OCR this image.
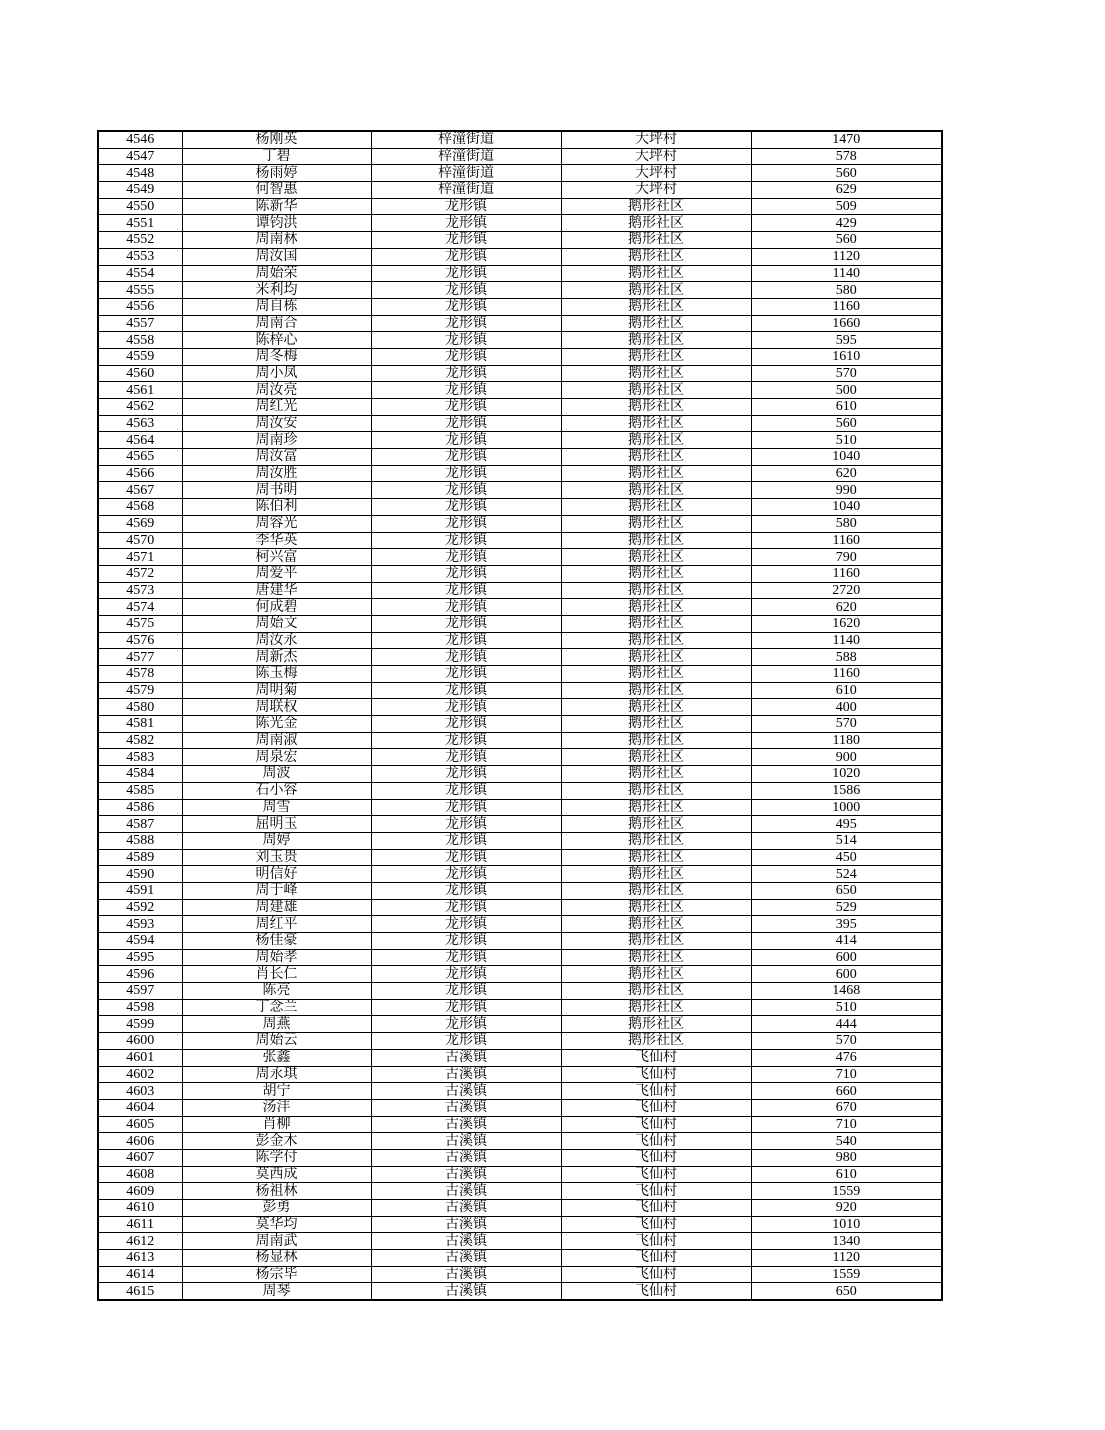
4546	杨刚英	梓潼街道	大坪村	1470
4547	丁碧	梓潼街道	大坪村	578
4548	杨雨婷	梓潼街道	大坪村	560
4549	何智惠	梓潼街道	大坪村	629
4550	陈新华	龙形镇	鹅形社区	509
4551	谭钧洪	龙形镇	鹅形社区	429
4552	周南林	龙形镇	鹅形社区	560
4553	周汝国	龙形镇	鹅形社区	1120
4554	周始荣	龙形镇	鹅形社区	1140
4555	米利均	龙形镇	鹅形社区	580
4556	周自栋	龙形镇	鹅形社区	1160
4557	周南合	龙形镇	鹅形社区	1660
4558	陈梓心	龙形镇	鹅形社区	595
4559	周冬梅	龙形镇	鹅形社区	1610
4560	周小凤	龙形镇	鹅形社区	570
4561	周汝亮	龙形镇	鹅形社区	500
4562	周红光	龙形镇	鹅形社区	610
4563	周汝安	龙形镇	鹅形社区	560
4564	周南珍	龙形镇	鹅形社区	510
4565	周汝富	龙形镇	鹅形社区	1040
4566	周汝胜	龙形镇	鹅形社区	620
4567	周书明	龙形镇	鹅形社区	990
4568	陈伯利	龙形镇	鹅形社区	1040
4569	周容光	龙形镇	鹅形社区	580
4570	李华英	龙形镇	鹅形社区	1160
4571	柯兴富	龙形镇	鹅形社区	790
4572	周爱平	龙形镇	鹅形社区	1160
4573	唐建华	龙形镇	鹅形社区	2720
4574	何成碧	龙形镇	鹅形社区	620
4575	周始文	龙形镇	鹅形社区	1620
4576	周汝永	龙形镇	鹅形社区	1140
4577	周新杰	龙形镇	鹅形社区	588
4578	陈玉梅	龙形镇	鹅形社区	1160
4579	周明菊	龙形镇	鹅形社区	610
4580	周联权	龙形镇	鹅形社区	400
4581	陈光金	龙形镇	鹅形社区	570
4582	周南淑	龙形镇	鹅形社区	1180
4583	周泉宏	龙形镇	鹅形社区	900
4584	周波	龙形镇	鹅形社区	1020
4585	石小容	龙形镇	鹅形社区	1586
4586	周雪	龙形镇	鹅形社区	1000
4587	屈明玉	龙形镇	鹅形社区	495
4588	周婷	龙形镇	鹅形社区	514
4589	刘玉贵	龙形镇	鹅形社区	450
4590	明信好	龙形镇	鹅形社区	524
4591	周于峰	龙形镇	鹅形社区	650
4592	周建雄	龙形镇	鹅形社区	529
4593	周红平	龙形镇	鹅形社区	395
4594	杨佳豪	龙形镇	鹅形社区	414
4595	周始孝	龙形镇	鹅形社区	600
4596	肖长仁	龙形镇	鹅形社区	600
4597	陈亮	龙形镇	鹅形社区	1468
4598	丁念兰	龙形镇	鹅形社区	510
4599	周燕	龙形镇	鹅形社区	444
4600	周始云	龙形镇	鹅形社区	570
4601	张鑫	古溪镇	飞仙村	476
4602	周永琪	古溪镇	飞仙村	710
4603	胡宁	古溪镇	飞仙村	660
4604	汤沣	古溪镇	飞仙村	670
4605	肖柳	古溪镇	飞仙村	710
4606	彭金木	古溪镇	飞仙村	540
4607	陈学付	古溪镇	飞仙村	980
4608	莫西成	古溪镇	飞仙村	610
4609	杨祖林	古溪镇	飞仙村	1559
4610	彭勇	古溪镇	飞仙村	920
4611	莫华均	古溪镇	飞仙村	1010
4612	周南武	古溪镇	飞仙村	1340
4613	杨显林	古溪镇	飞仙村	1120
4614	杨宗毕	古溪镇	飞仙村	1559
4615	周琴	古溪镇	飞仙村	650
